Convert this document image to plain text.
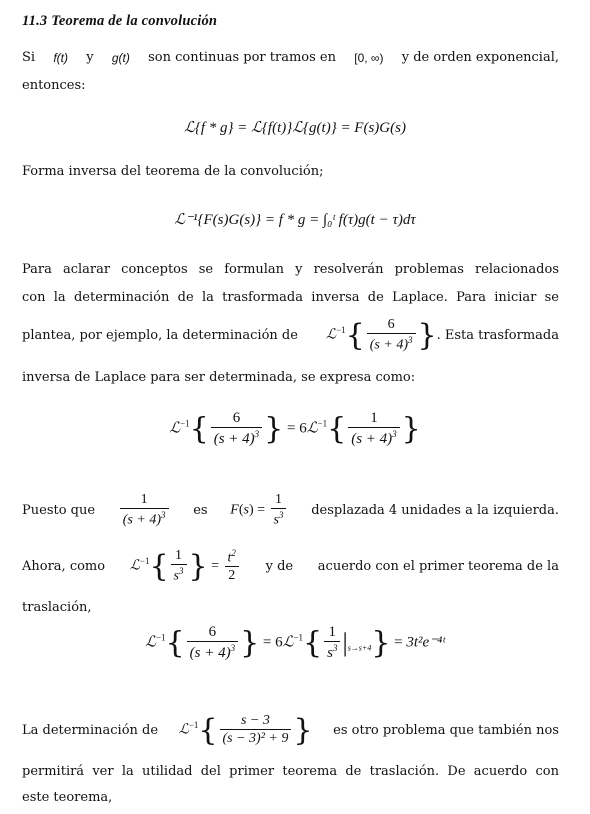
11.3 Teorema de la convolución
Si f(t) y g(t) son continuas por tramos en [0, ∞) y de orden exponencial,
entonces:
ℒ{f * g} = ℒ{f(t)}ℒ{g(t)} = F(s)G(s)
Forma inversa del teorema de la convolución;
ℒ⁻¹{F(s)G(s)} = f * g = ∫₀ᵗ f(τ)g(t − τ)dτ
Para aclarar conceptos se formulan y resolverán problemas relacionados
con la determinación de la trasformada inversa de Laplace. Para iniciar se
plantea, por ejemplo, la determinación de ℒ$^{-1}${ $\frac{6}{(s + 4)^3}$ } . Esta trasformada
inversa de Laplace para ser determinada, se expresa como:
ℒ$^{-1}${ $\frac{6}{(s + 4)^3}$ } = 6ℒ$^{-1}${ $\frac{1}{(s + 4)^3}$ }
Puesto que $\frac{1}{(s + 4)^3}$ es $F(s) = \frac{1}{s^3}$ desplazada 4 unidades a la izquierda.
Ahora, como ℒ$^{-1}${ $\frac{1}{s^3}$ } = $\frac{t^2}{2}$ y de acuerdo con el primer teorema de la
traslación,
ℒ$^{-1}${ $\frac{6}{(s + 4)^3}$ } = 6ℒ$^{-1}${ $\frac{1}{s^3} |_{s\to s+4}$} = 3t²e⁻⁴ᵗ
La determinación de ℒ$^{-1}${ $\frac{s - 3}{\text{(s − 3)² + 9}}$ } es otro problema que también nos
permitirá ver la utilidad del primer teorema de traslación. De acuerdo con
este teorema,
